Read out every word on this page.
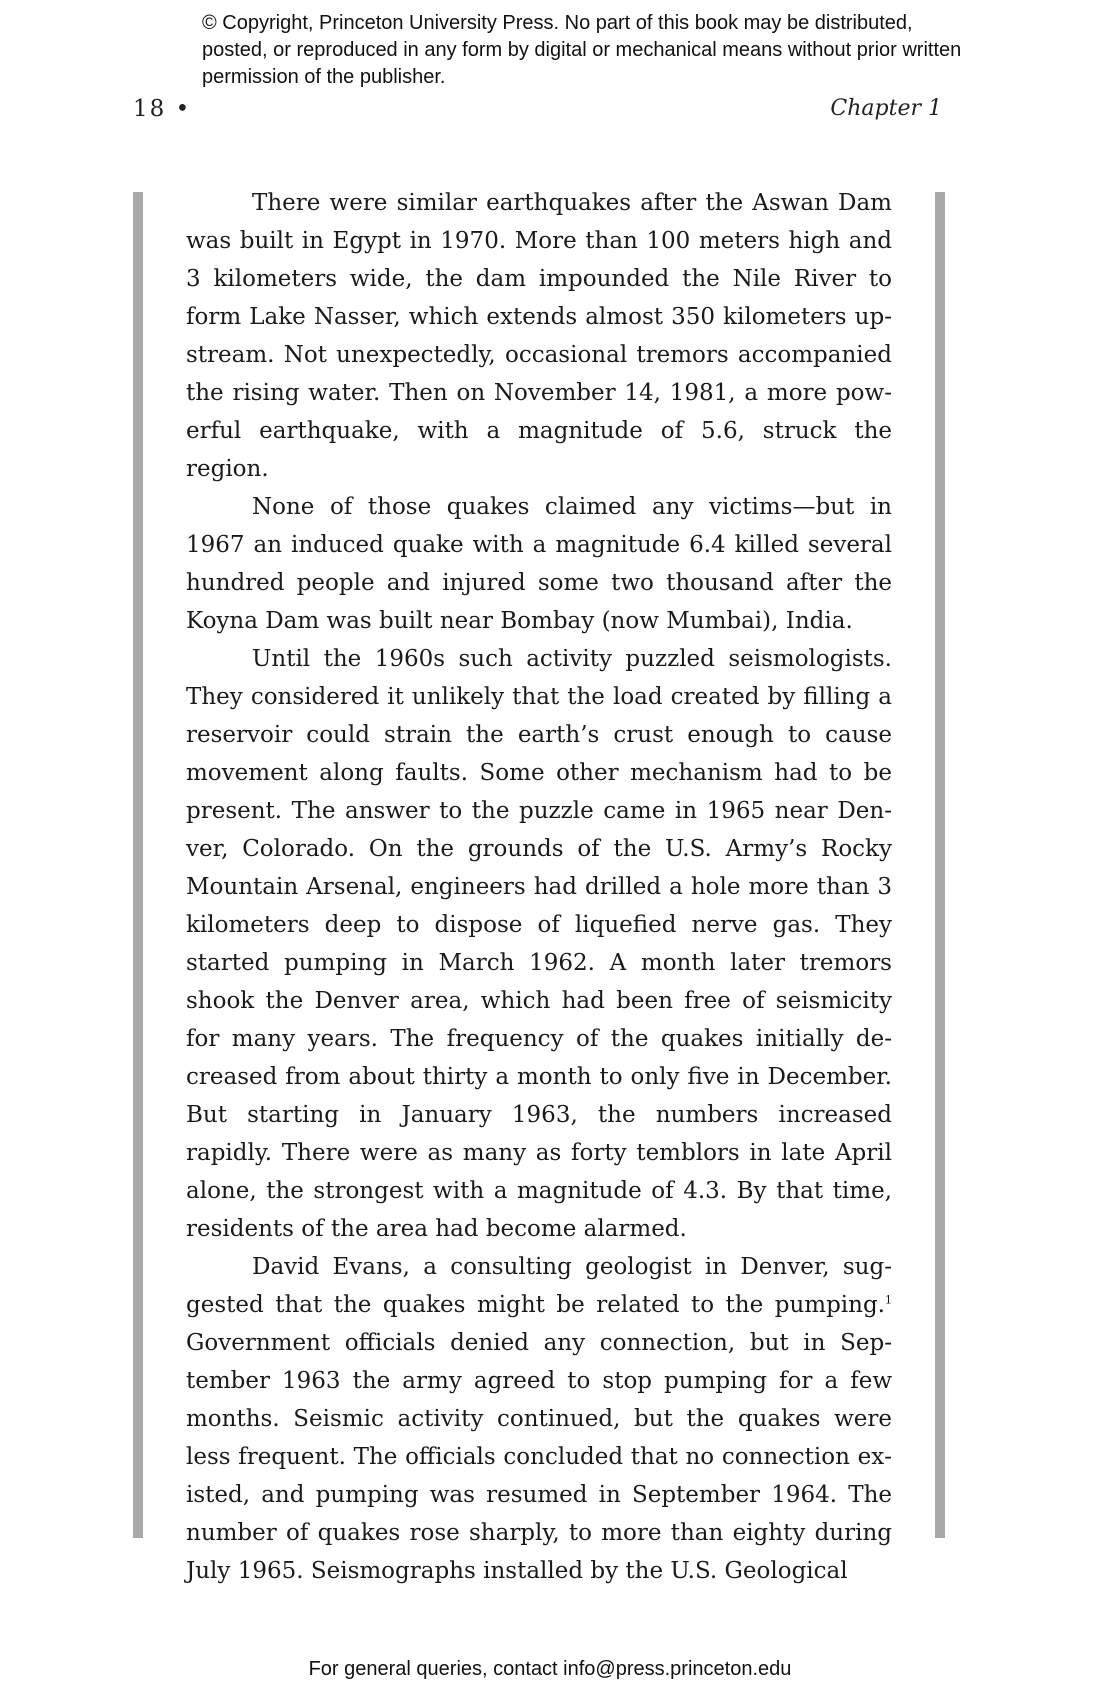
© Copyright, Princeton University Press. No part of this book may be distributed, posted, or reproduced in any form by digital or mechanical means without prior written permission of the publisher.
18 •	Chapter 1

There were similar earthquakes after the Aswan Dam was built in Egypt in 1970. More than 100 meters high and 3 kilometers wide, the dam impounded the Nile River to form Lake Nasser, which extends almost 350 kilometers upstream. Not unexpectedly, occasional tremors accompanied the rising water. Then on November 14, 1981, a more powerful earthquake, with a magnitude of 5.6, struck the region.

None of those quakes claimed any victims—but in 1967 an induced quake with a magnitude 6.4 killed several hundred people and injured some two thousand after the Koyna Dam was built near Bombay (now Mumbai), India.

Until the 1960s such activity puzzled seismologists. They considered it unlikely that the load created by filling a reservoir could strain the earth’s crust enough to cause movement along faults. Some other mechanism had to be present. The answer to the puzzle came in 1965 near Denver, Colorado. On the grounds of the U.S. Army’s Rocky Mountain Arsenal, engineers had drilled a hole more than 3 kilometers deep to dispose of liquefied nerve gas. They started pumping in March 1962. A month later tremors shook the Denver area, which had been free of seismicity for many years. The frequency of the quakes initially decreased from about thirty a month to only five in December. But starting in January 1963, the numbers increased rapidly. There were as many as forty temblors in late April alone, the strongest with a magnitude of 4.3. By that time, residents of the area had become alarmed.

David Evans, a consulting geologist in Denver, suggested that the quakes might be related to the pumping.$^1$ Government officials denied any connection, but in September 1963 the army agreed to stop pumping for a few months. Seismic activity continued, but the quakes were less frequent. The officials concluded that no connection existed, and pumping was resumed in September 1964. The number of quakes rose sharply, to more than eighty during July 1965. Seismographs installed by the U.S. Geological

For general queries, contact info@press.princeton.edu
